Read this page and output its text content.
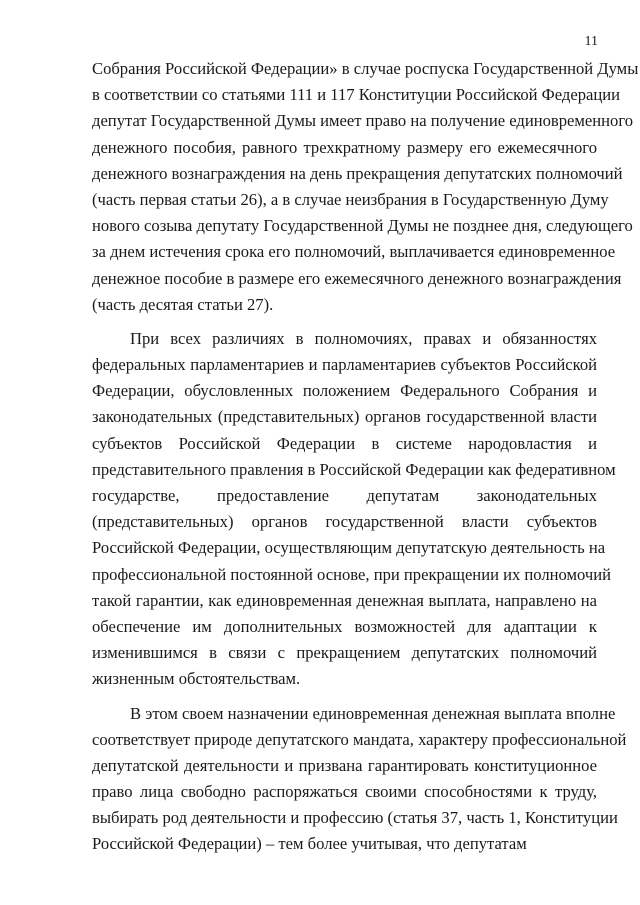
11
Собрания Российской Федерации» в случае роспуска Государственной Думы
в соответствии со статьями 111 и 117 Конституции Российской Федерации
депутат Государственной Думы имеет право на получение единовременного
денежного пособия, равного трехкратному размеру его ежемесячного
денежного вознаграждения на день прекращения депутатских полномочий
(часть первая статьи 26), а в случае неизбрания в Государственную Думу
нового созыва депутату Государственной Думы не позднее дня, следующего
за днем истечения срока его полномочий, выплачивается единовременное
денежное пособие в размере его ежемесячного денежного вознаграждения
(часть десятая статьи 27).
При всех различиях в полномочиях, правах и обязанностях
федеральных парламентариев и парламентариев субъектов Российской
Федерации, обусловленных положением Федерального Собрания и
законодательных (представительных) органов государственной власти
субъектов Российской Федерации в системе народовластия и
представительного правления в Российской Федерации как федеративном
государстве, предоставление депутатам законодательных
(представительных) органов государственной власти субъектов
Российской Федерации, осуществляющим депутатскую деятельность на
профессиональной постоянной основе, при прекращении их полномочий
такой гарантии, как единовременная денежная выплата, направлено на
обеспечение им дополнительных возможностей для адаптации к
изменившимся в связи с прекращением депутатских полномочий
жизненным обстоятельствам.
В этом своем назначении единовременная денежная выплата вполне
соответствует природе депутатского мандата, характеру профессиональной
депутатской деятельности и призвана гарантировать конституционное
право лица свободно распоряжаться своими способностями к труду,
выбирать род деятельности и профессию (статья 37, часть 1, Конституции
Российской Федерации) – тем более учитывая, что депутатам
